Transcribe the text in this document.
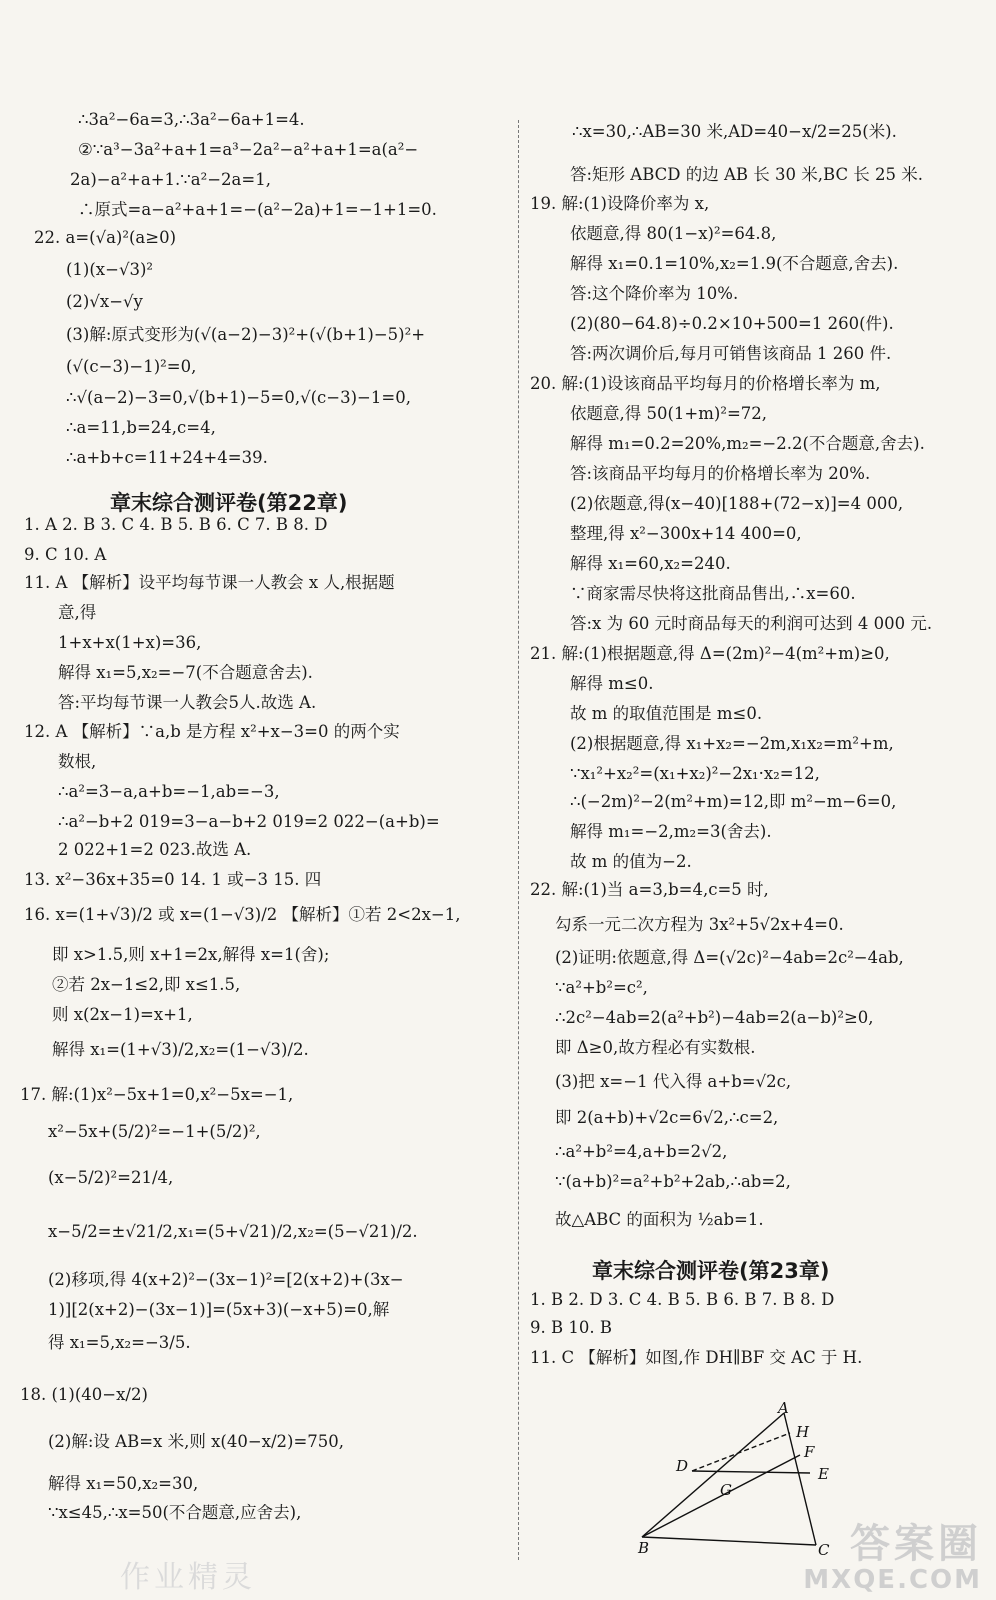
∴3a²−6a=3,∴3a²−6a+1=4.
②∵a³−3a²+a+1=a³−2a²−a²+a+1=a(a²−
2a)−a²+a+1.∵a²−2a=1,
∴原式=a−a²+a+1=−(a²−2a)+1=−1+1=0.
22. a=(√a)²(a≥0)
(1)(x−√3)²
(2)√x−√y
(3)解:原式变形为(√(a−2)−3)²+(√(b+1)−5)²+
(√(c−3)−1)²=0,
∴√(a−2)−3=0,√(b+1)−5=0,√(c−3)−1=0,
∴a=11,b=24,c=4,
∴a+b+c=11+24+4=39.
章末综合测评卷(第22章)
1. A 2. B 3. C 4. B 5. B 6. C 7. B 8. D
9. C 10. A
11. A 【解析】设平均每节课一人教会 x 人,根据题
意,得
1+x+x(1+x)=36,
解得 x₁=5,x₂=−7(不合题意舍去).
答:平均每节课一人教会5人.故选 A.
12. A 【解析】∵a,b 是方程 x²+x−3=0 的两个实
数根,
∴a²=3−a,a+b=−1,ab=−3,
∴a²−b+2 019=3−a−b+2 019=2 022−(a+b)=
2 022+1=2 023.故选 A.
13. x²−36x+35=0 14. 1 或−3 15. 四
16. x=(1+√3)/2 或 x=(1−√3)/2 【解析】①若 2<2x−1,
即 x>1.5,则 x+1=2x,解得 x=1(舍);
②若 2x−1≤2,即 x≤1.5,
则 x(2x−1)=x+1,
解得 x₁=(1+√3)/2,x₂=(1−√3)/2.
17. 解:(1)x²−5x+1=0,x²−5x=−1,
x²−5x+(5/2)²=−1+(5/2)²,
(x−5/2)²=21/4,
x−5/2=±√21/2,x₁=(5+√21)/2,x₂=(5−√21)/2.
(2)移项,得 4(x+2)²−(3x−1)²=[2(x+2)+(3x−
1)][2(x+2)−(3x−1)]=(5x+3)(−x+5)=0,解
得 x₁=5,x₂=−3/5.
18. (1)(40−x/2)
(2)解:设 AB=x 米,则 x(40−x/2)=750,
解得 x₁=50,x₂=30,
∵x≤45,∴x=50(不合题意,应舍去),
∴x=30,∴AB=30 米,AD=40−x/2=25(米).
答:矩形 ABCD 的边 AB 长 30 米,BC 长 25 米.
19. 解:(1)设降价率为 x,
依题意,得 80(1−x)²=64.8,
解得 x₁=0.1=10%,x₂=1.9(不合题意,舍去).
答:这个降价率为 10%.
(2)(80−64.8)÷0.2×10+500=1 260(件).
答:两次调价后,每月可销售该商品 1 260 件.
20. 解:(1)设该商品平均每月的价格增长率为 m,
依题意,得 50(1+m)²=72,
解得 m₁=0.2=20%,m₂=−2.2(不合题意,舍去).
答:该商品平均每月的价格增长率为 20%.
(2)依题意,得(x−40)[188+(72−x)]=4 000,
整理,得 x²−300x+14 400=0,
解得 x₁=60,x₂=240.
∵商家需尽快将这批商品售出,∴x=60.
答:x 为 60 元时商品每天的利润可达到 4 000 元.
21. 解:(1)根据题意,得 Δ=(2m)²−4(m²+m)≥0,
解得 m≤0.
故 m 的取值范围是 m≤0.
(2)根据题意,得 x₁+x₂=−2m,x₁x₂=m²+m,
∵x₁²+x₂²=(x₁+x₂)²−2x₁·x₂=12,
∴(−2m)²−2(m²+m)=12,即 m²−m−6=0,
解得 m₁=−2,m₂=3(舍去).
故 m 的值为−2.
22. 解:(1)当 a=3,b=4,c=5 时,
勾系一元二次方程为 3x²+5√2x+4=0.
(2)证明:依题意,得 Δ=(√2c)²−4ab=2c²−4ab,
∵a²+b²=c²,
∴2c²−4ab=2(a²+b²)−4ab=2(a−b)²≥0,
即 Δ≥0,故方程必有实数根.
(3)把 x=−1 代入得 a+b=√2c,
即 2(a+b)+√2c=6√2,∴c=2,
∴a²+b²=4,a+b=2√2,
∵(a+b)²=a²+b²+2ab,∴ab=2,
故△ABC 的面积为 ½ab=1.
章末综合测评卷(第23章)
1. B 2. D 3. C 4. B 5. B 6. B 7. B 8. D
9. B 10. B
11. C 【解析】如图,作 DH∥BF 交 AC 于 H.
A
H
F
D
G
E
B	C 答案圈
MXQE.COM
作业精灵
